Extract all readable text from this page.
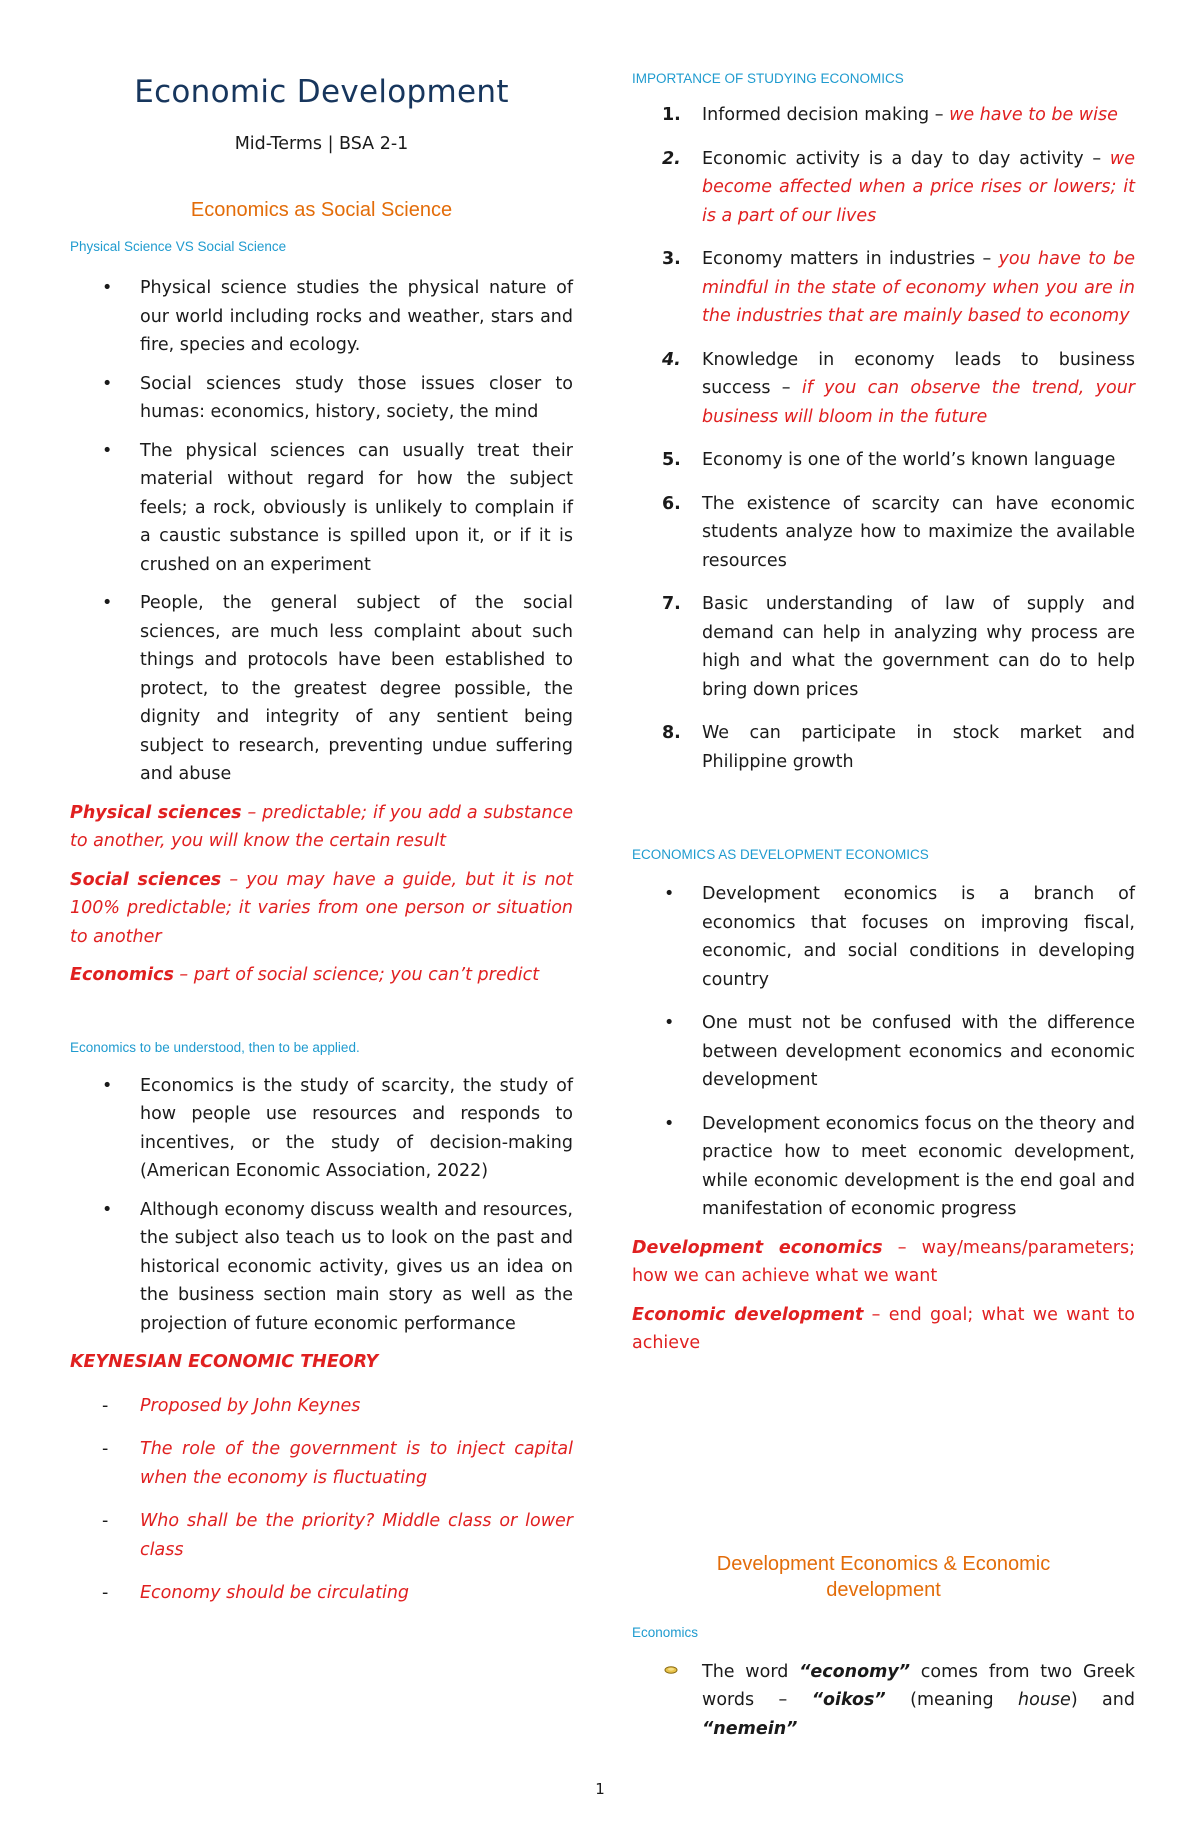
Economic Development

Mid-Terms | BSA 2-1

Economics as Social Science

Physical Science VS Social Science

•	Physical science studies the physical nature of our world including rocks and weather, stars and fire, species and ecology.
•	Social sciences study those issues closer to humas: economics, history, society, the mind
•	The physical sciences can usually treat their material without regard for how the subject feels; a rock, obviously is unlikely to complain if a caustic substance is spilled upon it, or if it is crushed on an experiment
•	People, the general subject of the social sciences, are much less complaint about such things and protocols have been established to protect, to the greatest degree possible, the dignity and integrity of any sentient being subject to research, preventing undue suffering and abuse

Physical sciences – predictable; if you add a substance to another, you will know the certain result

Social sciences – you may have a guide, but it is not 100% predictable; it varies from one person or situation to another

Economics – part of social science; you can’t predict

Economics to be understood, then to be applied.

•	Economics is the study of scarcity, the study of how people use resources and responds to incentives, or the study of decision-making (American Economic Association, 2022)
•	Although economy discuss wealth and resources, the subject also teach us to look on the past and historical economic activity, gives us an idea on the business section main story as well as the projection of future economic performance

KEYNESIAN ECONOMIC THEORY

-	Proposed by John Keynes
-	The role of the government is to inject capital when the economy is fluctuating
-	Who shall be the priority? Middle class or lower class
-	Economy should be circulating

IMPORTANCE OF STUDYING ECONOMICS

1. Informed decision making – we have to be wise
2. Economic activity is a day to day activity – we become affected when a price rises or lowers; it is a part of our lives
3. Economy matters in industries – you have to be mindful in the state of economy when you are in the industries that are mainly based to economy
4. Knowledge in economy leads to business success – if you can observe the trend, your business will bloom in the future
5. Economy is one of the world’s known language
6. The existence of scarcity can have economic students analyze how to maximize the available resources
7. Basic understanding of law of supply and demand can help in analyzing why process are high and what the government can do to help bring down prices
8. We can participate in stock market and Philippine growth

ECONOMICS AS DEVELOPMENT ECONOMICS

•	Development economics is a branch of economics that focuses on improving fiscal, economic, and social conditions in developing country
•	One must not be confused with the difference between development economics and economic development
•	Development economics focus on the theory and practice how to meet economic development, while economic development is the end goal and manifestation of economic progress

Development economics – way/means/parameters; how we can achieve what we want

Economic development – end goal; what we want to achieve

Development Economics & Economic development

Economics

The word “economy” comes from two Greek words – “oikos” (meaning house) and “nemein”
1
